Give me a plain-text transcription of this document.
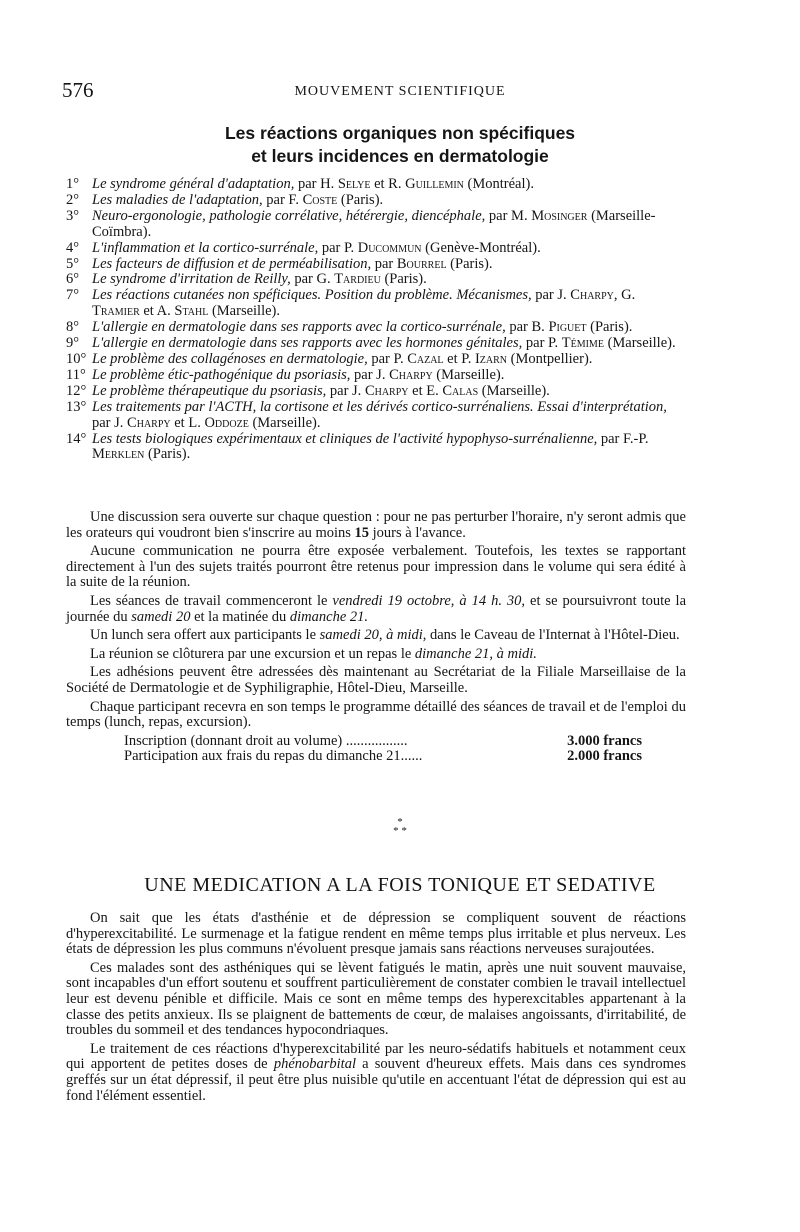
576	MOUVEMENT SCIENTIFIQUE
Les réactions organiques non spécifiques
et leurs incidences en dermatologie
1° Le syndrome général d'adaptation, par H. Selye et R. Guillemin (Montréal).
2° Les maladies de l'adaptation, par F. Coste (Paris).
3° Neuro-ergonologie, pathologie corrélative, hétérergie, diencéphale, par M. Mosinger (Marseille-Coïmbra).
4° L'inflammation et la cortico-surrénale, par P. Ducommun (Genève-Montréal).
5° Les facteurs de diffusion et de perméabilisation, par Bourrel (Paris).
6° Le syndrome d'irritation de Reilly, par G. Tardieu (Paris).
7° Les réactions cutanées non spéficiques. Position du problème. Mécanismes, par J. Charpy, G. Tramier et A. Stahl (Marseille).
8° L'allergie en dermatologie dans ses rapports avec la cortico-surrénale, par B. Piguet (Paris).
9° L'allergie en dermatologie dans ses rapports avec les hormones génitales, par P. Témime (Marseille).
10° Le problème des collagénoses en dermatologie, par P. Cazal et P. Izarn (Montpellier).
11° Le problème étic-pathogénique du psoriasis, par J. Charpy (Marseille).
12° Le problème thérapeutique du psoriasis, par J. Charpy et E. Calas (Marseille).
13° Les traitements par l'ACTH, la cortisone et les dérivés cortico-surrénaliens. Essai d'interprétation, par J. Charpy et L. Oddoze (Marseille).
14° Les tests biologiques expérimentaux et cliniques de l'activité hypophyso-surrénalienne, par F.-P. Merklen (Paris).

Une discussion sera ouverte sur chaque question : pour ne pas perturber l'horaire, n'y seront admis que les orateurs qui voudront bien s'inscrire au moins 15 jours à l'avance.

Aucune communication ne pourra être exposée verbalement. Toutefois, les textes se rapportant directement à l'un des sujets traités pourront être retenus pour impression dans le volume qui sera édité à la suite de la réunion.

Les séances de travail commenceront le vendredi 19 octobre, à 14 h. 30, et se poursuivront toute la journée du samedi 20 et la matinée du dimanche 21.

Un lunch sera offert aux participants le samedi 20, à midi, dans le Caveau de l'Internat à l'Hôtel-Dieu.

La réunion se clôturera par une excursion et un repas le dimanche 21, à midi.

Les adhésions peuvent être adressées dès maintenant au Secrétariat de la Filiale Marseillaise de la Société de Dermatologie et de Syphiligraphie, Hôtel-Dieu, Marseille.

Chaque participant recevra en son temps le programme détaillé des séances de travail et de l'emploi du temps (lunch, repas, excursion).

Inscription (donnant droit au volume) .................	3.000 francs
Participation aux frais du repas du dimanche 21......	2.000 francs
*
* *
UNE MEDICATION A LA FOIS TONIQUE ET SEDATIVE

On sait que les états d'asthénie et de dépression se compliquent souvent de réactions d'hyperexcitabilité. Le surmenage et la fatigue rendent en même temps plus irritable et plus nerveux. Les états de dépression les plus communs n'évoluent presque jamais sans réactions nerveuses surajoutées.

Ces malades sont des asthéniques qui se lèvent fatigués le matin, après une nuit souvent mauvaise, sont incapables d'un effort soutenu et souffrent particulièrement de constater combien le travail intellectuel leur est devenu pénible et difficile. Mais ce sont en même temps des hyperexcitables appartenant à la classe des petits anxieux. Ils se plaignent de battements de cœur, de malaises angoissants, d'irritabilité, de troubles du sommeil et des tendances hypocondriaques.

Le traitement de ces réactions d'hyperexcitabilité par les neuro-sédatifs habituels et notamment ceux qui apportent de petites doses de phénobarbital a souvent d'heureux effets. Mais dans ces syndromes greffés sur un état dépressif, il peut être plus nuisible qu'utile en accentuant l'état de dépression qui est au fond l'élément essentiel.
